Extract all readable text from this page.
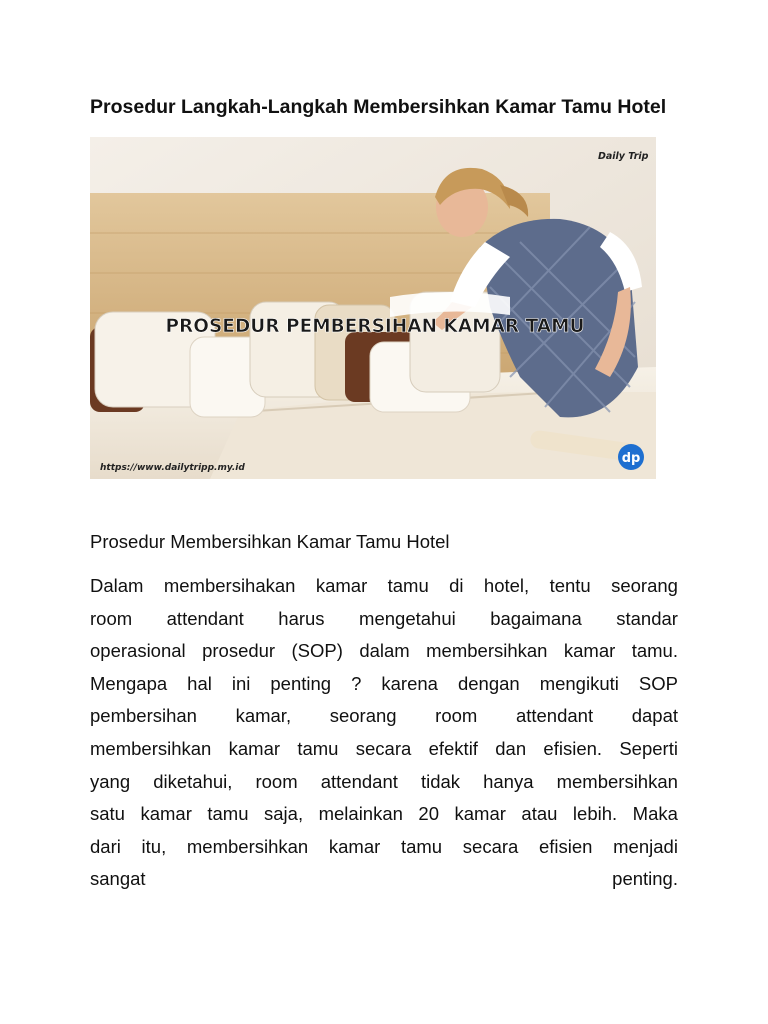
Prosedur Langkah-Langkah Membersihkan Kamar Tamu Hotel
Daily Trip
PROSEDUR PEMBERSIHAN KAMAR TAMU
https://www.dailytripp.my.id
dp
Prosedur Membersihkan Kamar Tamu Hotel
Dalam membersihakan kamar tamu di hotel, tentu seorang
room attendant harus mengetahui bagaimana standar
operasional prosedur (SOP) dalam membersihkan kamar tamu.
Mengapa hal ini penting ? karena dengan mengikuti SOP
pembersihan kamar, seorang room attendant dapat
membersihkan kamar tamu secara efektif dan efisien. Seperti
yang diketahui, room attendant tidak hanya membersihkan
satu kamar tamu saja, melainkan 20 kamar atau lebih. Maka
dari itu, membersihkan kamar tamu secara efisien menjadi
sangat	penting.
